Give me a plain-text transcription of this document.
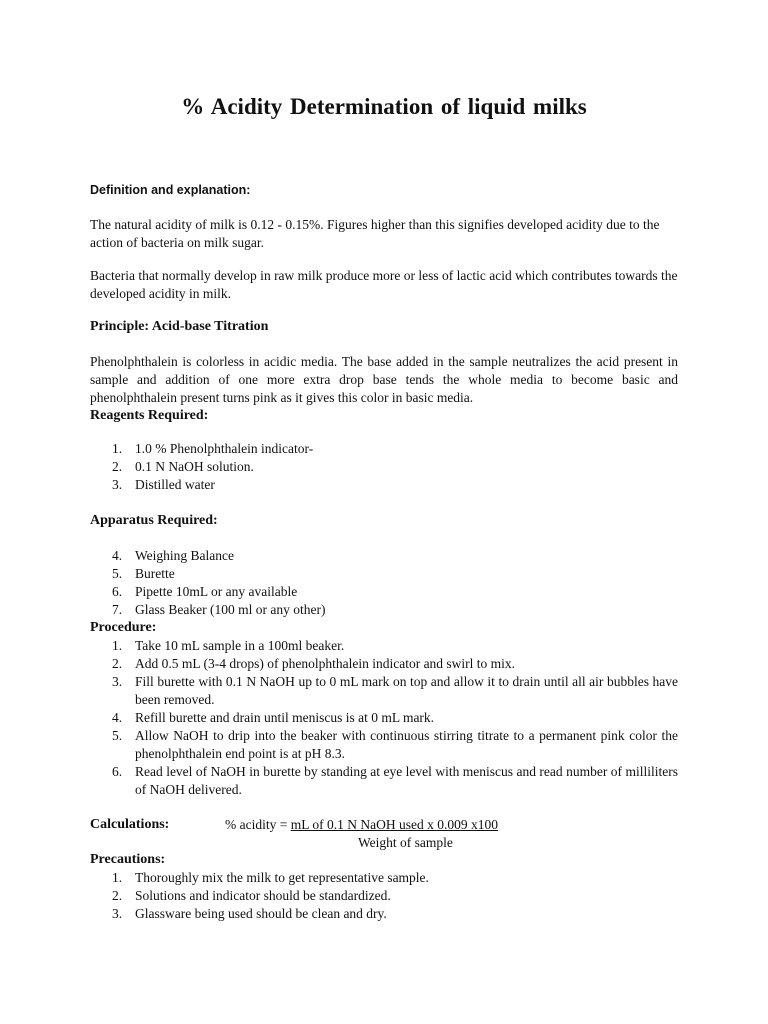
% Acidity Determination of liquid milks

Definition and explanation:

The natural acidity of milk is 0.12 - 0.15%. Figures higher than this signifies developed acidity due to the action of bacteria on milk sugar.

Bacteria that normally develop in raw milk produce more or less of lactic acid which contributes towards the developed acidity in milk.

Principle: Acid-base Titration

Phenolphthalein is colorless in acidic media. The base added in the sample neutralizes the acid present in sample and addition of one more extra drop base tends the whole media to become basic and phenolphthalein present turns pink as it gives this color in basic media.

Reagents Required:

1. 1.0 % Phenolphthalein indicator-
2. 0.1 N NaOH solution.
3. Distilled water

Apparatus Required:

4. Weighing Balance
5. Burette
6. Pipette 10mL or any available
7. Glass Beaker (100 ml or any other)

Procedure:

1. Take 10 mL sample in a 100ml beaker.
2. Add 0.5 mL (3-4 drops) of phenolphthalein indicator and swirl to mix.
3. Fill burette with 0.1 N NaOH up to 0 mL mark on top and allow it to drain until all air bubbles have been removed.
4. Refill burette and drain until meniscus is at 0 mL mark.
5. Allow NaOH to drip into the beaker with continuous stirring titrate to a permanent pink color the phenolphthalein end point is at pH 8.3.
6. Read level of NaOH in burette by standing at eye level with meniscus and read number of milliliters of NaOH delivered.
Calculations:	% acidity = mL of 0.1 N NaOH used x 0.009 x100
Weight of sample

Precautions:

1. Thoroughly mix the milk to get representative sample.
2. Solutions and indicator should be standardized.
3. Glassware being used should be clean and dry.
